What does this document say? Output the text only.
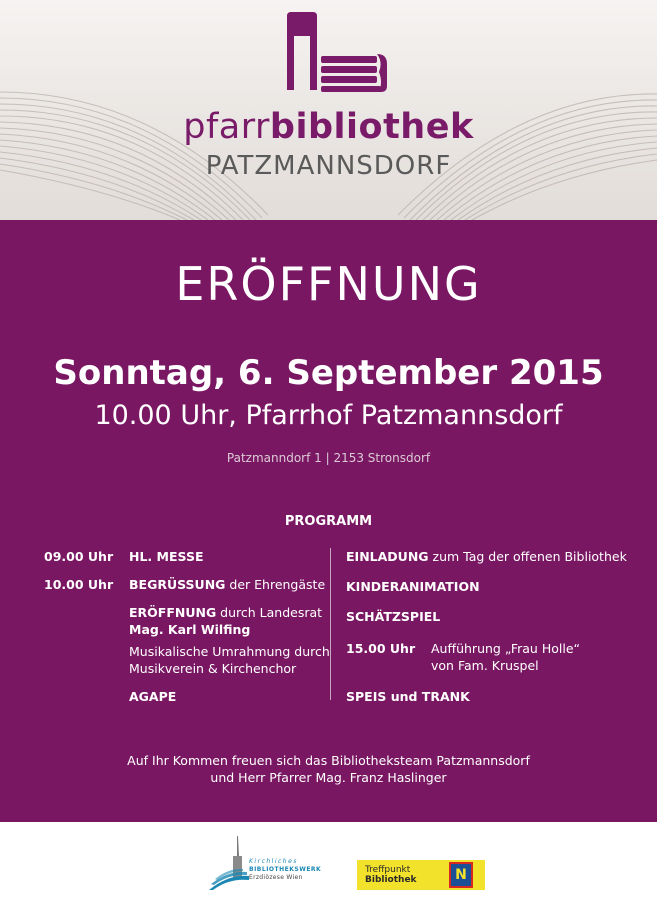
pfarrbibliothek
PATZMANNSDORF
ERÖFFNUNG
Sonntag, 6. September 2015
10.00 Uhr, Pfarrhof Patzmannsdorf
Patzmanndorf 1 | 2153 Stronsdorf
PROGRAMM
09.00 Uhr HL. MESSE
10.00 Uhr BEGRÜSSUNG der Ehrengäste
ERÖFFNUNG durch Landesrat
Mag. Karl Wilfing
Musikalische Umrahmung durch
Musikverein & Kirchenchor
AGAPE
EINLADUNG zum Tag der offenen Bibliothek
KINDERANIMATION
SCHÄTZSPIEL
15.00 Uhr Aufführung „Frau Holle“
von Fam. Kruspel
SPEIS und TRANK
Auf Ihr Kommen freuen sich das Bibliotheksteam Patzmannsdorf
und Herr Pfarrer Mag. Franz Haslinger
Kirchliches
BIBLIOTHEKSWERK
Erzdiözese Wien
Treffpunkt
Bibliothek	N
